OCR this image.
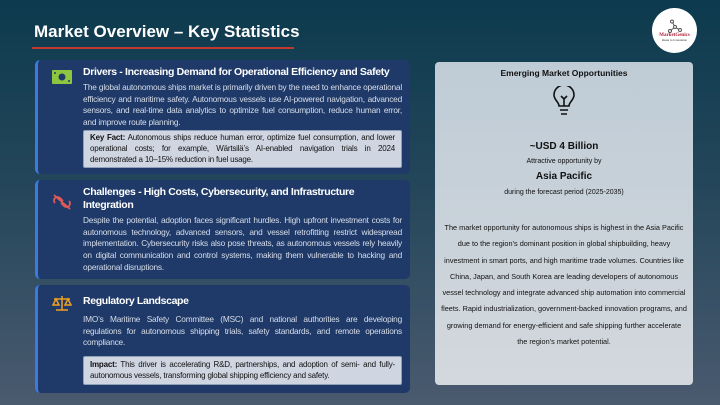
Market Overview – Key Statistics	MarketGenics
Ideas to Innovation
Drivers - Increasing Demand for Operational Efficiency and Safety

The global autonomous ships market is primarily driven by the need to enhance operational efficiency and maritime safety. Autonomous vessels use AI-powered navigation, advanced sensors, and real-time data analytics to optimize fuel consumption, reduce human error, and improve route planning.

Key Fact: Autonomous ships reduce human error, optimize fuel consumption, and lower operational costs; for example, Wärtsilä’s AI-enabled navigation trials in 2024 demonstrated a 10–15% reduction in fuel usage.
Challenges - High Costs, Cybersecurity, and Infrastructure Integration

Despite the potential, adoption faces significant hurdles. High upfront investment costs for autonomous technology, advanced sensors, and vessel retrofitting restrict widespread implementation. Cybersecurity risks also pose threats, as autonomous vessels rely heavily on digital communication and control systems, making them vulnerable to hacking and operational disruptions.

Regulatory Landscape

IMO’s Maritime Safety Committee (MSC) and national authorities are developing regulations for autonomous shipping trials, safety standards, and remote operations compliance.

Impact: This driver is accelerating R&D, partnerships, and adoption of semi- and fully-autonomous vessels, transforming global shipping efficiency and safety.
Emerging Market Opportunities
~USD 4 Billion
Attractive opportunity by
Asia Pacific
during the forecast period (2025-2035)
The market opportunity for autonomous ships is highest in the Asia Pacific due to the region’s dominant position in global shipbuilding, heavy investment in smart ports, and high maritime trade volumes. Countries like China, Japan, and South Korea are leading developers of autonomous vessel technology and integrate advanced ship automation into commercial fleets. Rapid industrialization, government-backed innovation programs, and growing demand for energy-efficient and safe shipping further accelerate the region’s market potential.
